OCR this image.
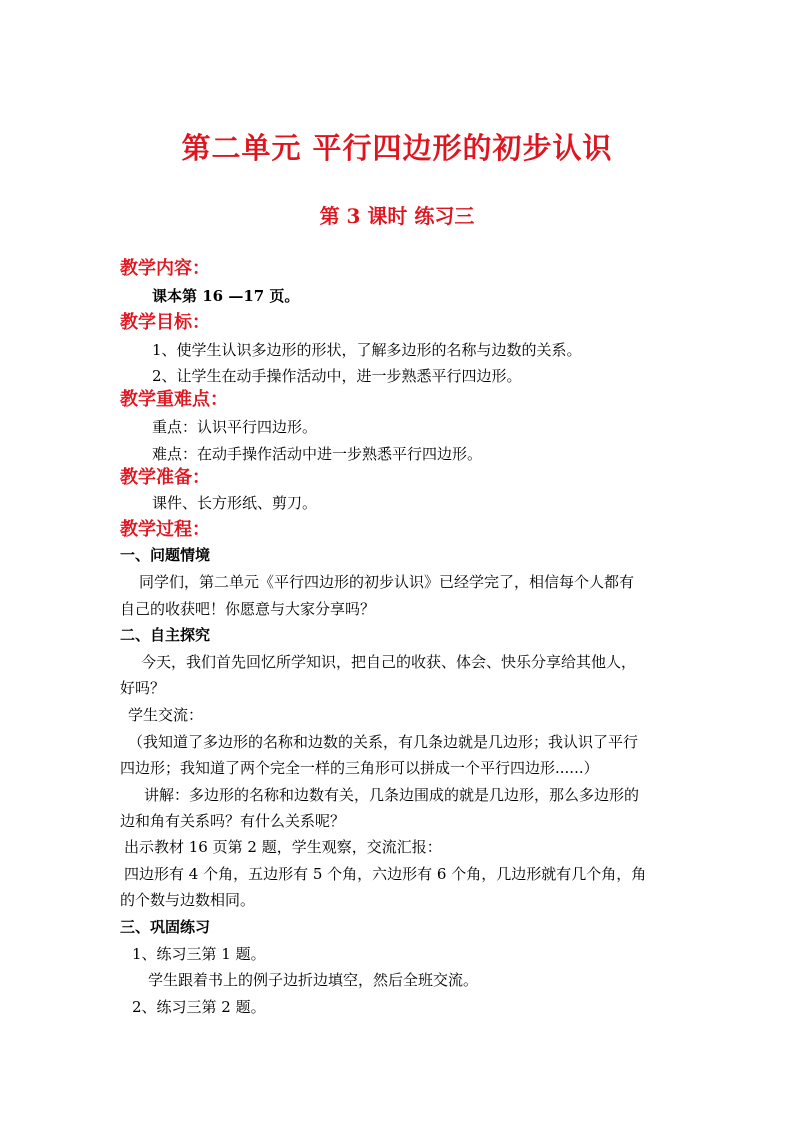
第二单元 平行四边形的初步认识
第 3 课时 练习三
教学内容：
课本第 16 —17 页。
教学目标：
1、使学生认识多边形的形状，了解多边形的名称与边数的关系。
2、让学生在动手操作活动中，进一步熟悉平行四边形。
教学重难点：
重点：认识平行四边形。
难点：在动手操作活动中进一步熟悉平行四边形。
教学准备：
课件、长方形纸、剪刀。
教学过程：
一、问题情境
同学们，第二单元《平行四边形的初步认识》已经学完了，相信每个人都有
自己的收获吧！你愿意与大家分享吗？
二、自主探究
今天，我们首先回忆所学知识，把自己的收获、体会、快乐分享给其他人，
好吗？
学生交流：
（我知道了多边形的名称和边数的关系，有几条边就是几边形；我认识了平行
四边形；我知道了两个完全一样的三角形可以拼成一个平行四边形......）
讲解：多边形的名称和边数有关，几条边围成的就是几边形，那么多边形的
边和角有关系吗？有什么关系呢？
出示教材 16 页第 2 题，学生观察，交流汇报：
四边形有 4 个角，五边形有 5 个角，六边形有 6 个角，几边形就有几个角，角
的个数与边数相同。
三、巩固练习
1、练习三第 1 题。
学生跟着书上的例子边折边填空，然后全班交流。
2、练习三第 2 题。
